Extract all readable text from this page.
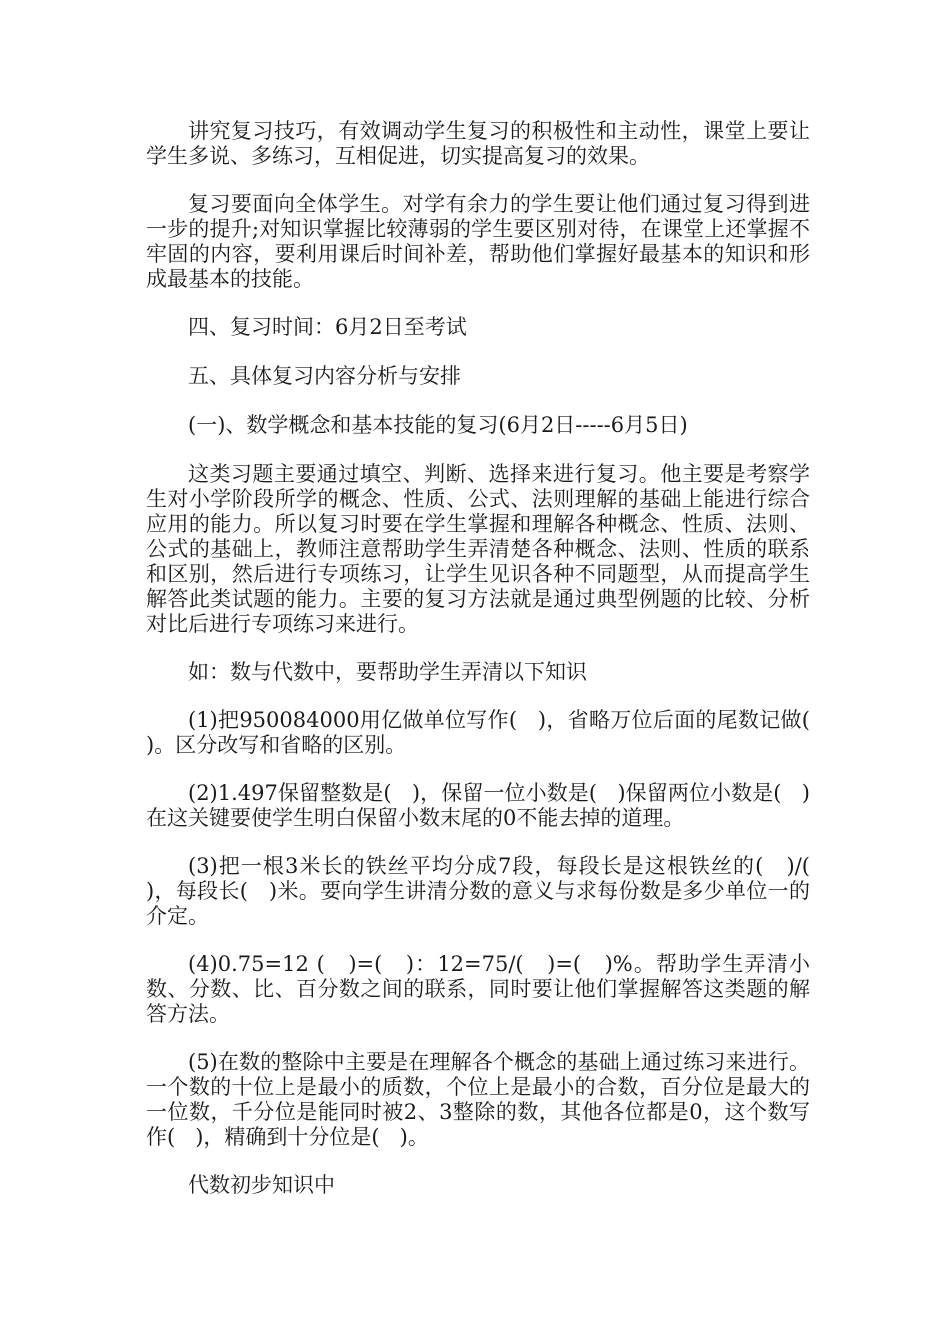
讲究复习技巧，有效调动学生复习的积极性和主动性，课堂上要让学生多说、多练习，互相促进，切实提高复习的效果。

复习要面向全体学生。对学有余力的学生要让他们通过复习得到进一步的提升;对知识掌握比较薄弱的学生要区别对待，在课堂上还掌握不牢固的内容，要利用课后时间补差，帮助他们掌握好最基本的知识和形成最基本的技能。

四、复习时间：6月2日至考试

五、具体复习内容分析与安排

(一)、数学概念和基本技能的复习(6月2日-----6月5日)

这类习题主要通过填空、判断、选择来进行复习。他主要是考察学生对小学阶段所学的概念、性质、公式、法则理解的基础上能进行综合应用的能力。所以复习时要在学生掌握和理解各种概念、性质、法则、公式的基础上，教师注意帮助学生弄清楚各种概念、法则、性质的联系和区别，然后进行专项练习，让学生见识各种不同题型，从而提高学生解答此类试题的能力。主要的复习方法就是通过典型例题的比较、分析对比后进行专项练习来进行。

如：数与代数中，要帮助学生弄清以下知识

(1)把950084000用亿做单位写作(   )，省略万位后面的尾数记做(   )。区分改写和省略的区别。

(2)1.497保留整数是(   )，保留一位小数是(   )保留两位小数是(   )在这关键要使学生明白保留小数末尾的0不能去掉的道理。

(3)把一根3米长的铁丝平均分成7段，每段长是这根铁丝的(   )/(   )，每段长(   )米。要向学生讲清分数的意义与求每份数是多少单位一的介定。

(4)0.75=12 (   )=(   )：12=75/(   )=(   )%。帮助学生弄清小数、分数、比、百分数之间的联系，同时要让他们掌握解答这类题的解答方法。

(5)在数的整除中主要是在理解各个概念的基础上通过练习来进行。一个数的十位上是最小的质数，个位上是最小的合数，百分位是最大的一位数，千分位是能同时被2、3整除的数，其他各位都是0，这个数写作(   )，精确到十分位是(   )。

代数初步知识中
